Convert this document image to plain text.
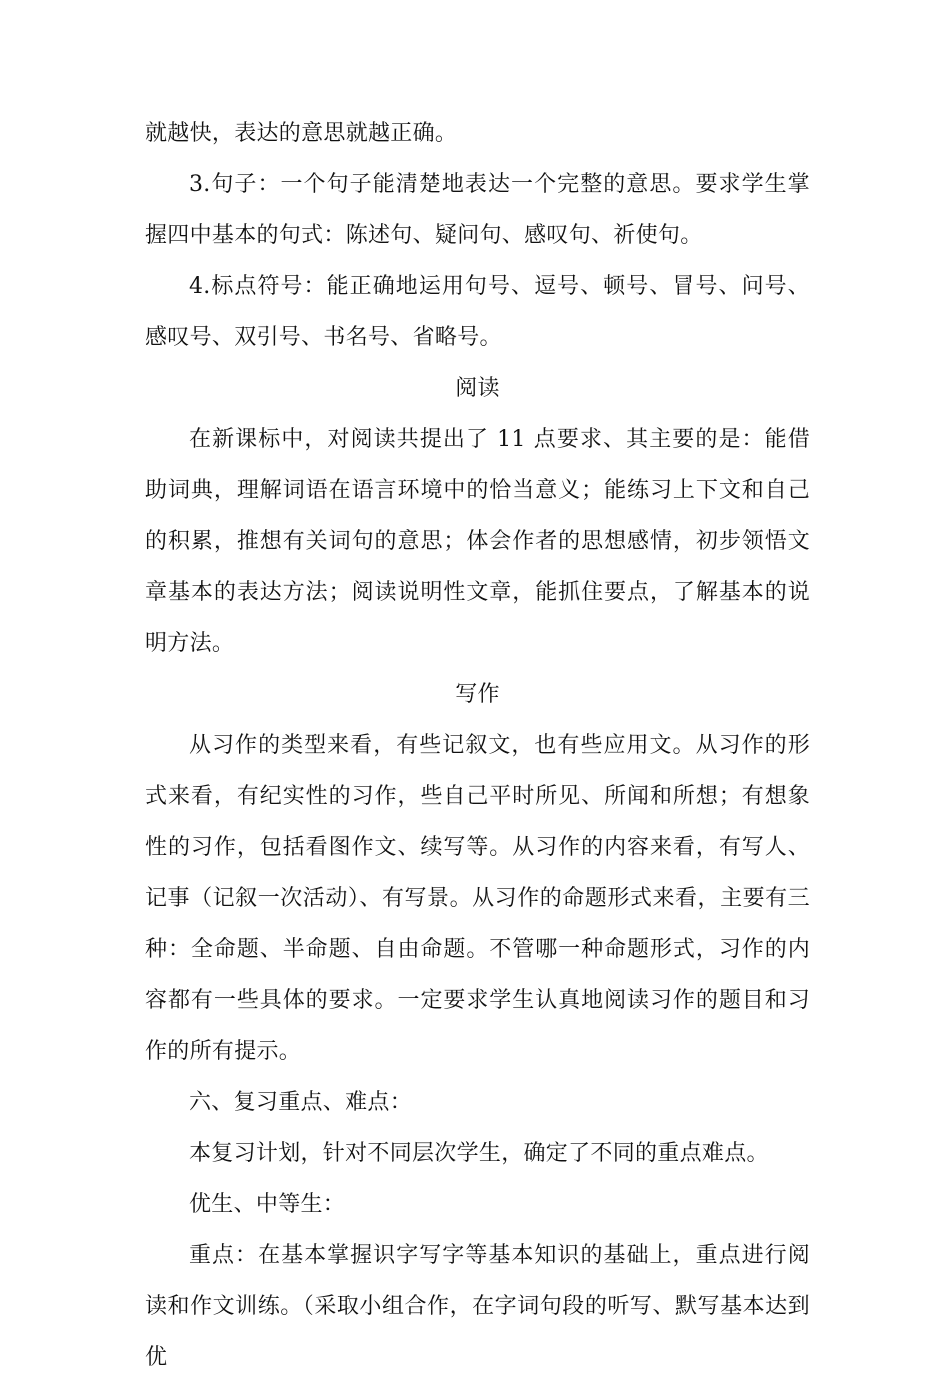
就越快，表达的意思就越正确。

3.句子：一个句子能清楚地表达一个完整的意思。要求学生掌握四中基本的句式：陈述句、疑问句、感叹句、祈使句。

4.标点符号：能正确地运用句号、逗号、顿号、冒号、问号、感叹号、双引号、书名号、省略号。

阅读

在新课标中，对阅读共提出了 11 点要求、其主要的是：能借助词典，理解词语在语言环境中的恰当意义；能练习上下文和自己的积累，推想有关词句的意思；体会作者的思想感情，初步领悟文章基本的表达方法；阅读说明性文章，能抓住要点，了解基本的说明方法。

写作

从习作的类型来看，有些记叙文，也有些应用文。从习作的形式来看，有纪实性的习作，些自己平时所见、所闻和所想；有想象性的习作，包括看图作文、续写等。从习作的内容来看，有写人、记事（记叙一次活动）、有写景。从习作的命题形式来看，主要有三种：全命题、半命题、自由命题。不管哪一种命题形式，习作的内容都有一些具体的要求。一定要求学生认真地阅读习作的题目和习作的所有提示。

六、复习重点、难点：

本复习计划，针对不同层次学生，确定了不同的重点难点。

优生、中等生：

重点：在基本掌握识字写字等基本知识的基础上，重点进行阅读和作文训练。（采取小组合作，在字词句段的听写、默写基本达到优
